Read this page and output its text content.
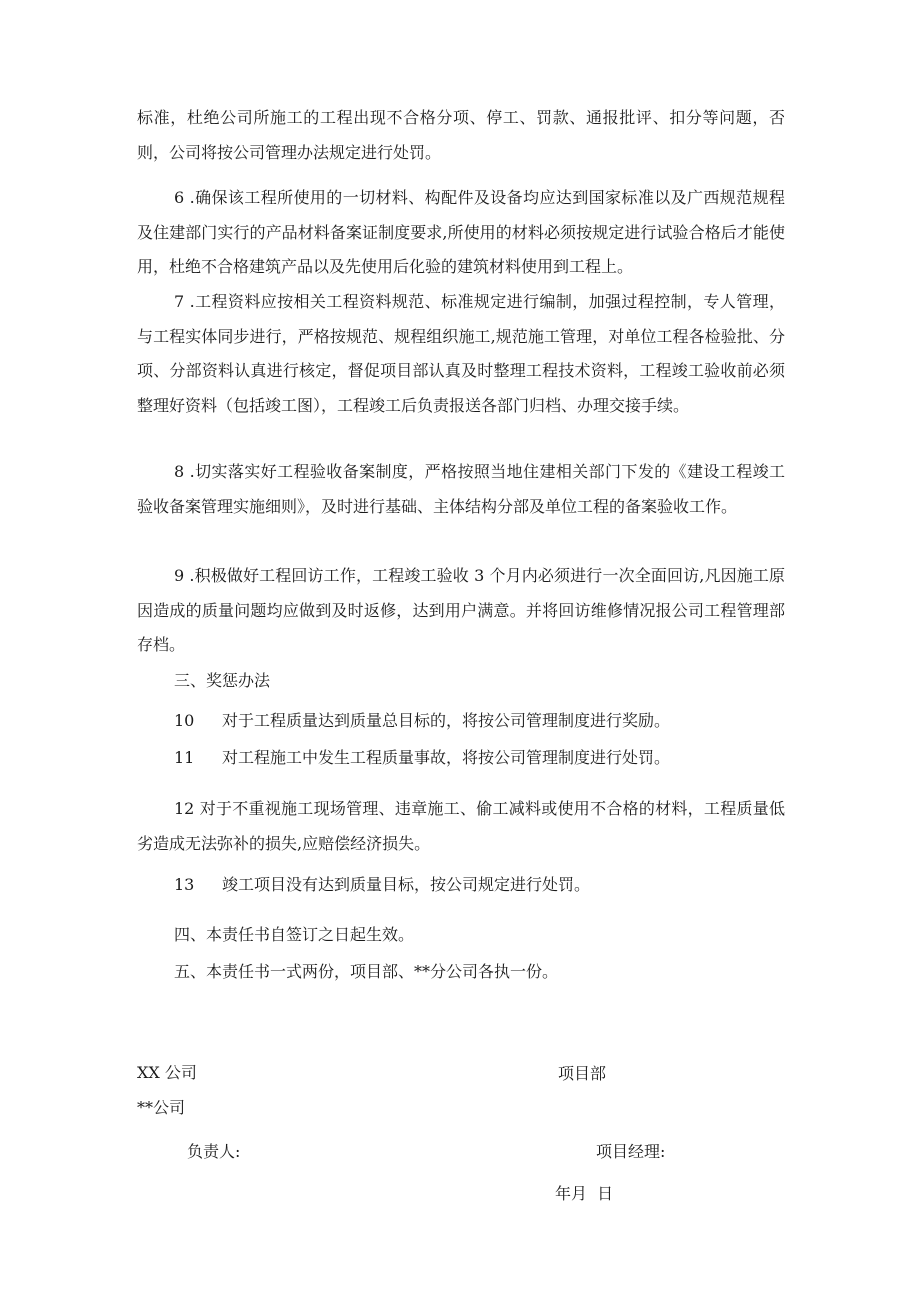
标准，杜绝公司所施工的工程出现不合格分项、停工、罚款、通报批评、扣分等问题，否则，公司将按公司管理办法规定进行处罚。

6 .确保该工程所使用的一切材料、构配件及设备均应达到国家标准以及广西规范规程及住建部门实行的产品材料备案证制度要求,所使用的材料必须按规定进行试验合格后才能使用，杜绝不合格建筑产品以及先使用后化验的建筑材料使用到工程上。

7 .工程资料应按相关工程资料规范、标准规定进行编制，加强过程控制，专人管理，与工程实体同步进行，严格按规范、规程组织施工,规范施工管理，对单位工程各检验批、分项、分部资料认真进行核定，督促项目部认真及时整理工程技术资料，工程竣工验收前必须整理好资料（包括竣工图），工程竣工后负责报送各部门归档、办理交接手续。

8 .切实落实好工程验收备案制度，严格按照当地住建相关部门下发的《建设工程竣工验收备案管理实施细则》，及时进行基础、主体结构分部及单位工程的备案验收工作。

9 .积极做好工程回访工作，工程竣工验收 3 个月内必须进行一次全面回访,凡因施工原因造成的质量问题均应做到及时返修，达到用户满意。并将回访维修情况报公司工程管理部存档。

三、奖惩办法

10 对于工程质量达到质量总目标的，将按公司管理制度进行奖励。

11 对工程施工中发生工程质量事故，将按公司管理制度进行处罚。

12 对于不重视施工现场管理、违章施工、偷工减料或使用不合格的材料，工程质量低劣造成无法弥补的损失,应赔偿经济损失。

13 竣工项目没有达到质量目标，按公司规定进行处罚。

四、本责任书自签订之日起生效。

五、本责任书一式两份，项目部、**分公司各执一份。

XX 公司	项目部

**公司

负责人:	项目经理:

年月  日
